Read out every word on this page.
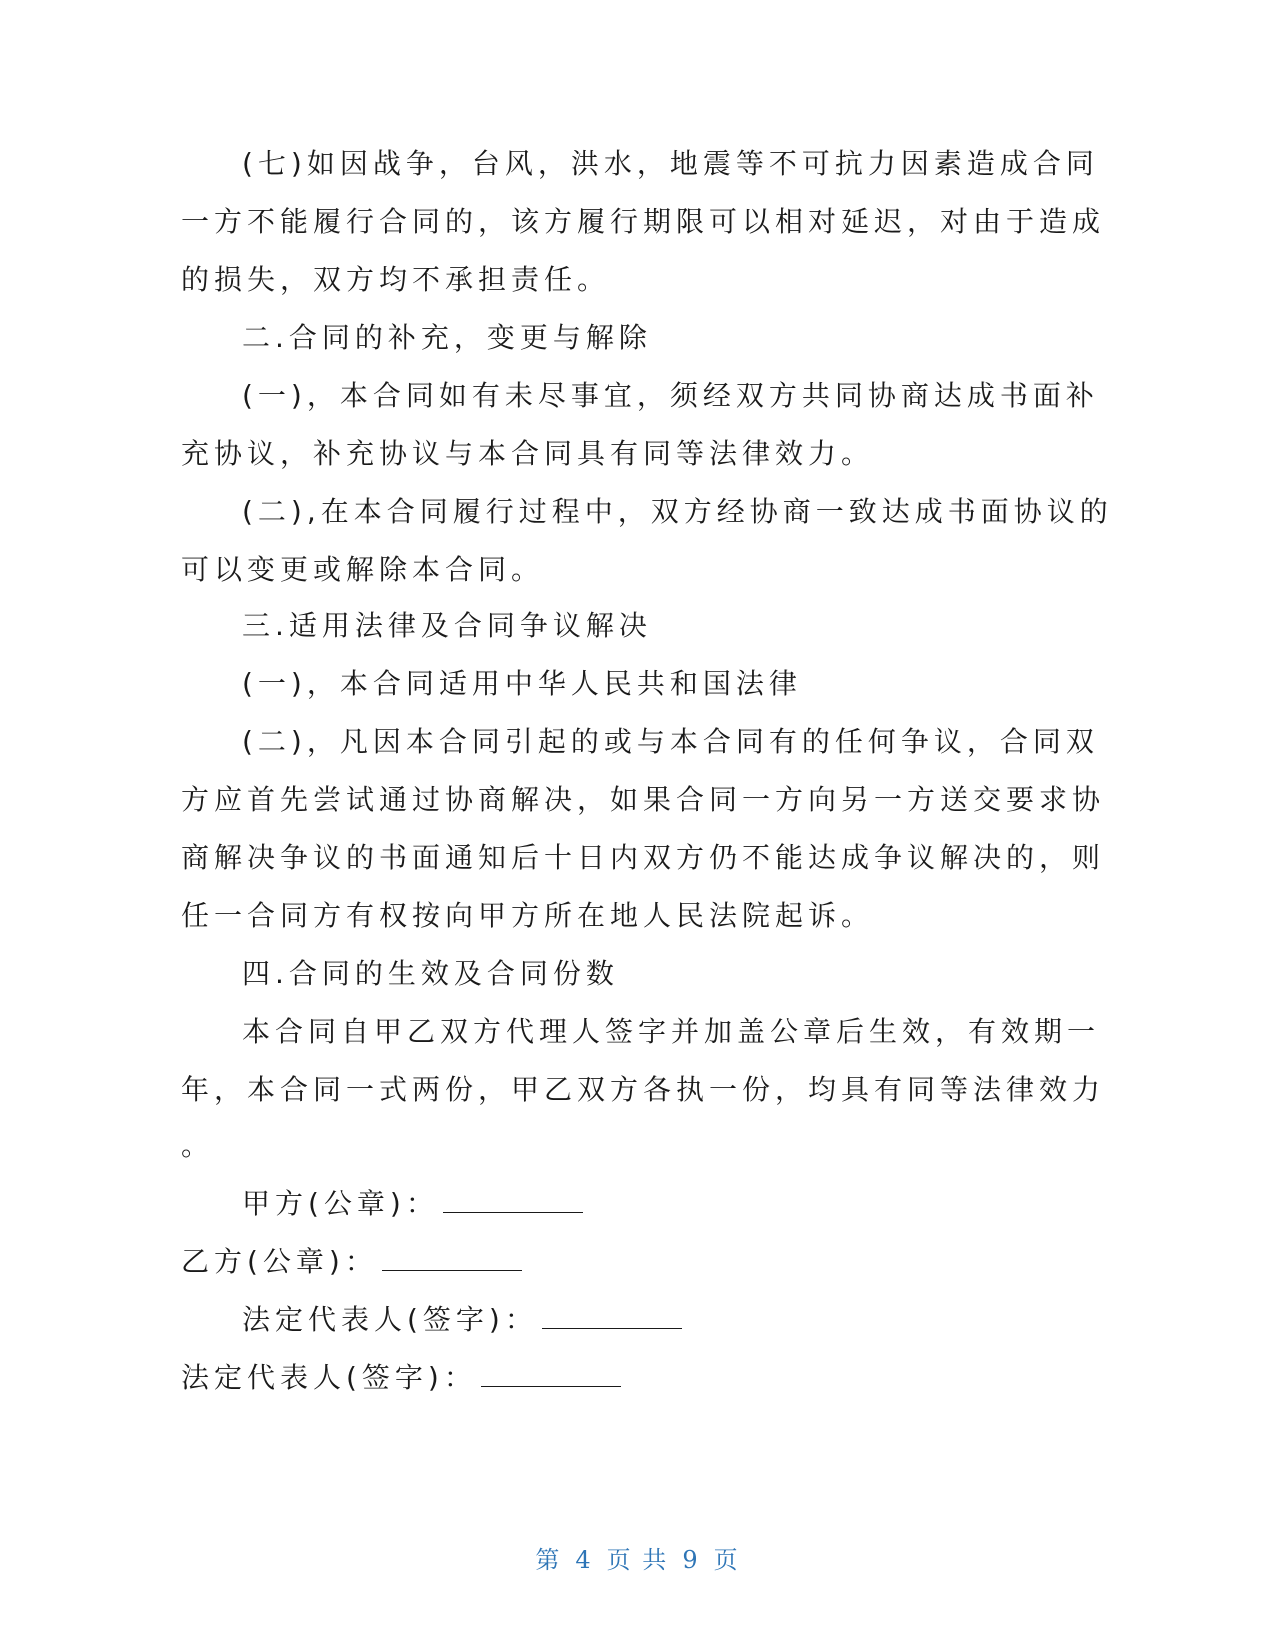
(七)如因战争，台风，洪水，地震等不可抗力因素造成合同

一方不能履行合同的，该方履行期限可以相对延迟，对由于造成

的损失，双方均不承担责任。

二.合同的补充，变更与解除

(一)，本合同如有未尽事宜，须经双方共同协商达成书面补

充协议，补充协议与本合同具有同等法律效力。

(二),在本合同履行过程中，双方经协商一致达成书面协议的

可以变更或解除本合同。

三.适用法律及合同争议解决

(一)，本合同适用中华人民共和国法律

(二)，凡因本合同引起的或与本合同有的任何争议，合同双

方应首先尝试通过协商解决，如果合同一方向另一方送交要求协

商解决争议的书面通知后十日内双方仍不能达成争议解决的，则

任一合同方有权按向甲方所在地人民法院起诉。

四.合同的生效及合同份数

本合同自甲乙双方代理人签字并加盖公章后生效，有效期一

年，本合同一式两份，甲乙双方各执一份，均具有同等法律效力

。

甲方(公章)：

乙方(公章)：

法定代表人(签字)：

法定代表人(签字)：

第 4 页 共 9 页
